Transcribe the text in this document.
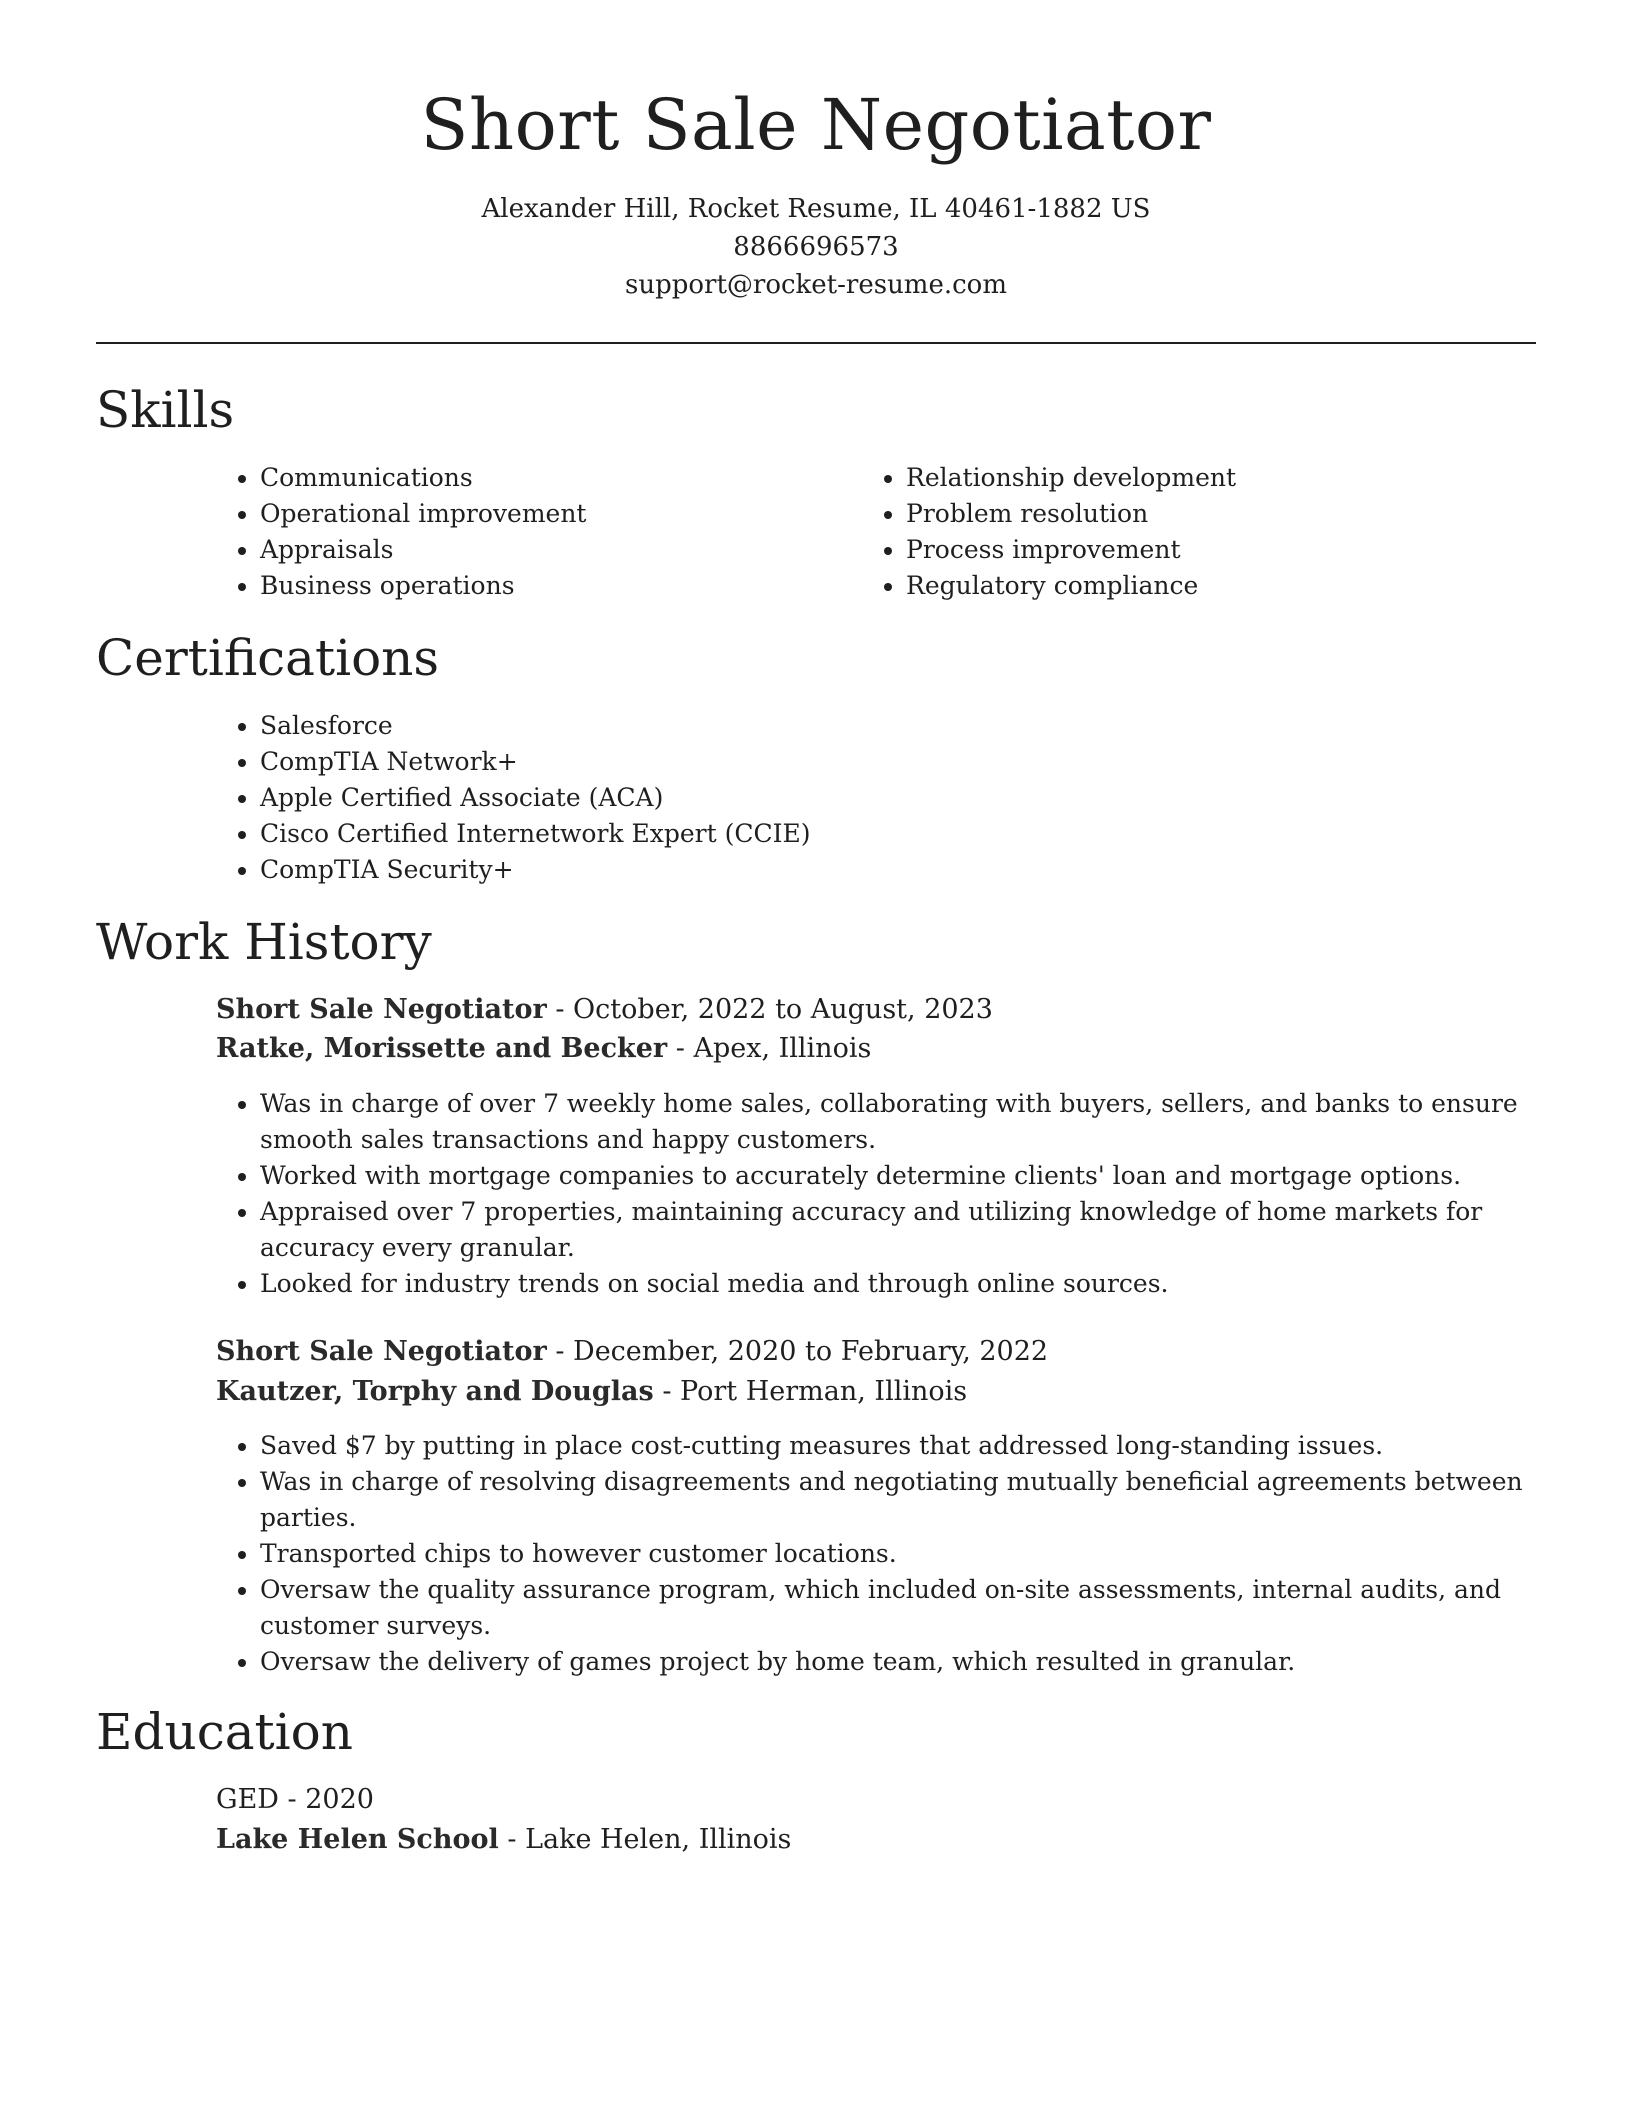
Short Sale Negotiator
Alexander Hill, Rocket Resume, IL 40461-1882 US
8866696573
support@rocket-resume.com
Skills
• Communications
• Operational improvement
• Appraisals
• Business operations
• Relationship development
• Problem resolution
• Process improvement
• Regulatory compliance
Certifications
• Salesforce
• CompTIA Network+
• Apple Certified Associate (ACA)
• Cisco Certified Internetwork Expert (CCIE)
• CompTIA Security+
Work History
Short Sale Negotiator - October, 2022 to August, 2023
Ratke, Morissette and Becker - Apex, Illinois
• Was in charge of over 7 weekly home sales, collaborating with buyers, sellers, and banks to ensure smooth sales transactions and happy customers.
• Worked with mortgage companies to accurately determine clients' loan and mortgage options.
• Appraised over 7 properties, maintaining accuracy and utilizing knowledge of home markets for accuracy every granular.
• Looked for industry trends on social media and through online sources.
Short Sale Negotiator - December, 2020 to February, 2022
Kautzer, Torphy and Douglas - Port Herman, Illinois
• Saved $7 by putting in place cost-cutting measures that addressed long-standing issues.
• Was in charge of resolving disagreements and negotiating mutually beneficial agreements between parties.
• Transported chips to however customer locations.
• Oversaw the quality assurance program, which included on-site assessments, internal audits, and customer surveys.
• Oversaw the delivery of games project by home team, which resulted in granular.
Education
GED - 2020
Lake Helen School - Lake Helen, Illinois
